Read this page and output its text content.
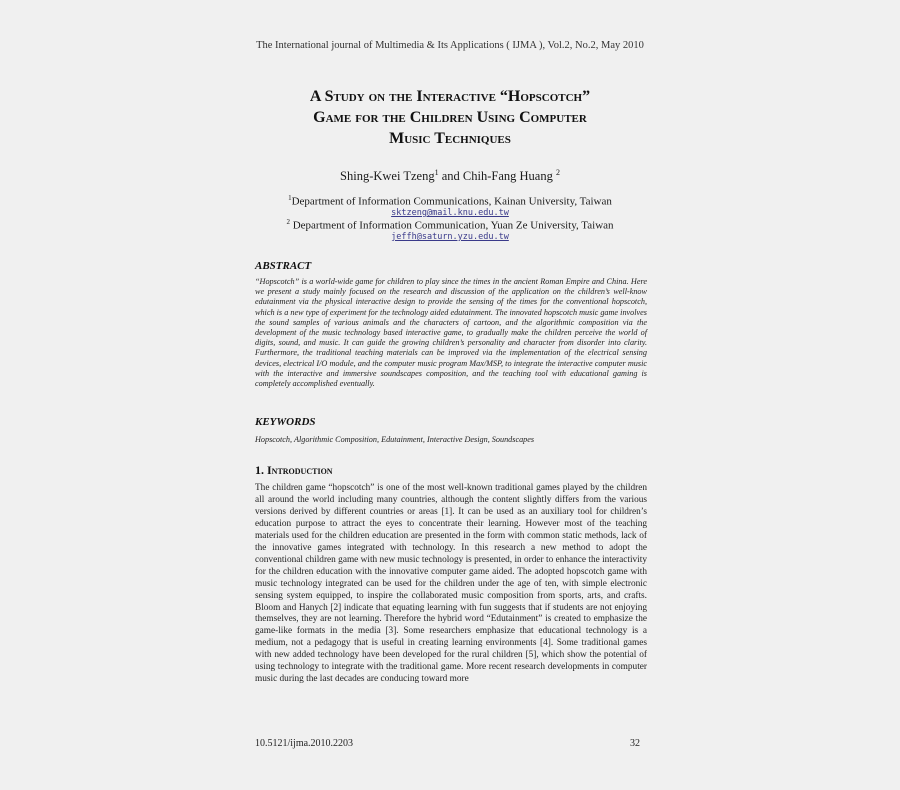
The International journal of Multimedia & Its Applications ( IJMA ), Vol.2, No.2, May 2010
A Study on the Interactive “Hopscotch”
Game for the Children Using Computer
Music Techniques
Shing-Kwei Tzeng$^1$ and Chih-Fang Huang $^2$
$^1$Department of Information Communications, Kainan University, Taiwan
sktzeng@mail.knu.edu.tw
$^2$ Department of Information Communication, Yuan Ze University, Taiwan
jeffh@saturn.yzu.edu.tw
ABSTRACT
“Hopscotch” is a world-wide game for children to play since the times in the ancient Roman Empire and China. Here we present a study mainly focused on the research and discussion of the application on the children’s well-know edutainment via the physical interactive design to provide the sensing of the times for the conventional hopscotch, which is a new type of experiment for the technology aided edutainment. The innovated hopscotch music game involves the sound samples of various animals and the characters of cartoon, and the algorithmic composition via the development of the music technology based interactive game, to gradually make the children perceive the world of digits, sound, and music. It can guide the growing children’s personality and character from disorder into clarity. Furthermore, the traditional teaching materials can be improved via the implementation of the electrical sensing devices, electrical I/O module, and the computer music program Max/MSP, to integrate the interactive computer music with the interactive and immersive soundscapes composition, and the teaching tool with educational gaming is completely accomplished eventually.
KEYWORDS
Hopscotch, Algorithmic Composition, Edutainment, Interactive Design, Soundscapes
1. Introduction
The children game “hopscotch” is one of the most well-known traditional games played by the children all around the world including many countries, although the content slightly differs from the various versions derived by different countries or areas [1]. It can be used as an auxiliary tool for children’s education purpose to attract the eyes to concentrate their learning. However most of the teaching materials used for the children education are presented in the form with common static methods, lack of the innovative games integrated with technology. In this research a new method to adopt the conventional children game with new music technology is presented, in order to enhance the interactivity for the children education with the innovative computer game aided. The adopted hopscotch game with music technology integrated can be used for the children under the age of ten, with simple electronic sensing system equipped, to inspire the collaborated music composition from sports, arts, and crafts. Bloom and Hanych [2] indicate that equating learning with fun suggests that if students are not enjoying themselves, they are not learning. Therefore the hybrid word “Edutainment” is created to emphasize the game-like formats in the media [3]. Some researchers emphasize that educational technology is a medium, not a pedagogy that is useful in creating learning environments [4]. Some traditional games with new added technology have been developed for the rural children [5], which show the potential of using technology to integrate with the traditional game. More recent research developments in computer music during the last decades are conducing toward more
10.5121/ijma.2010.2203	32
